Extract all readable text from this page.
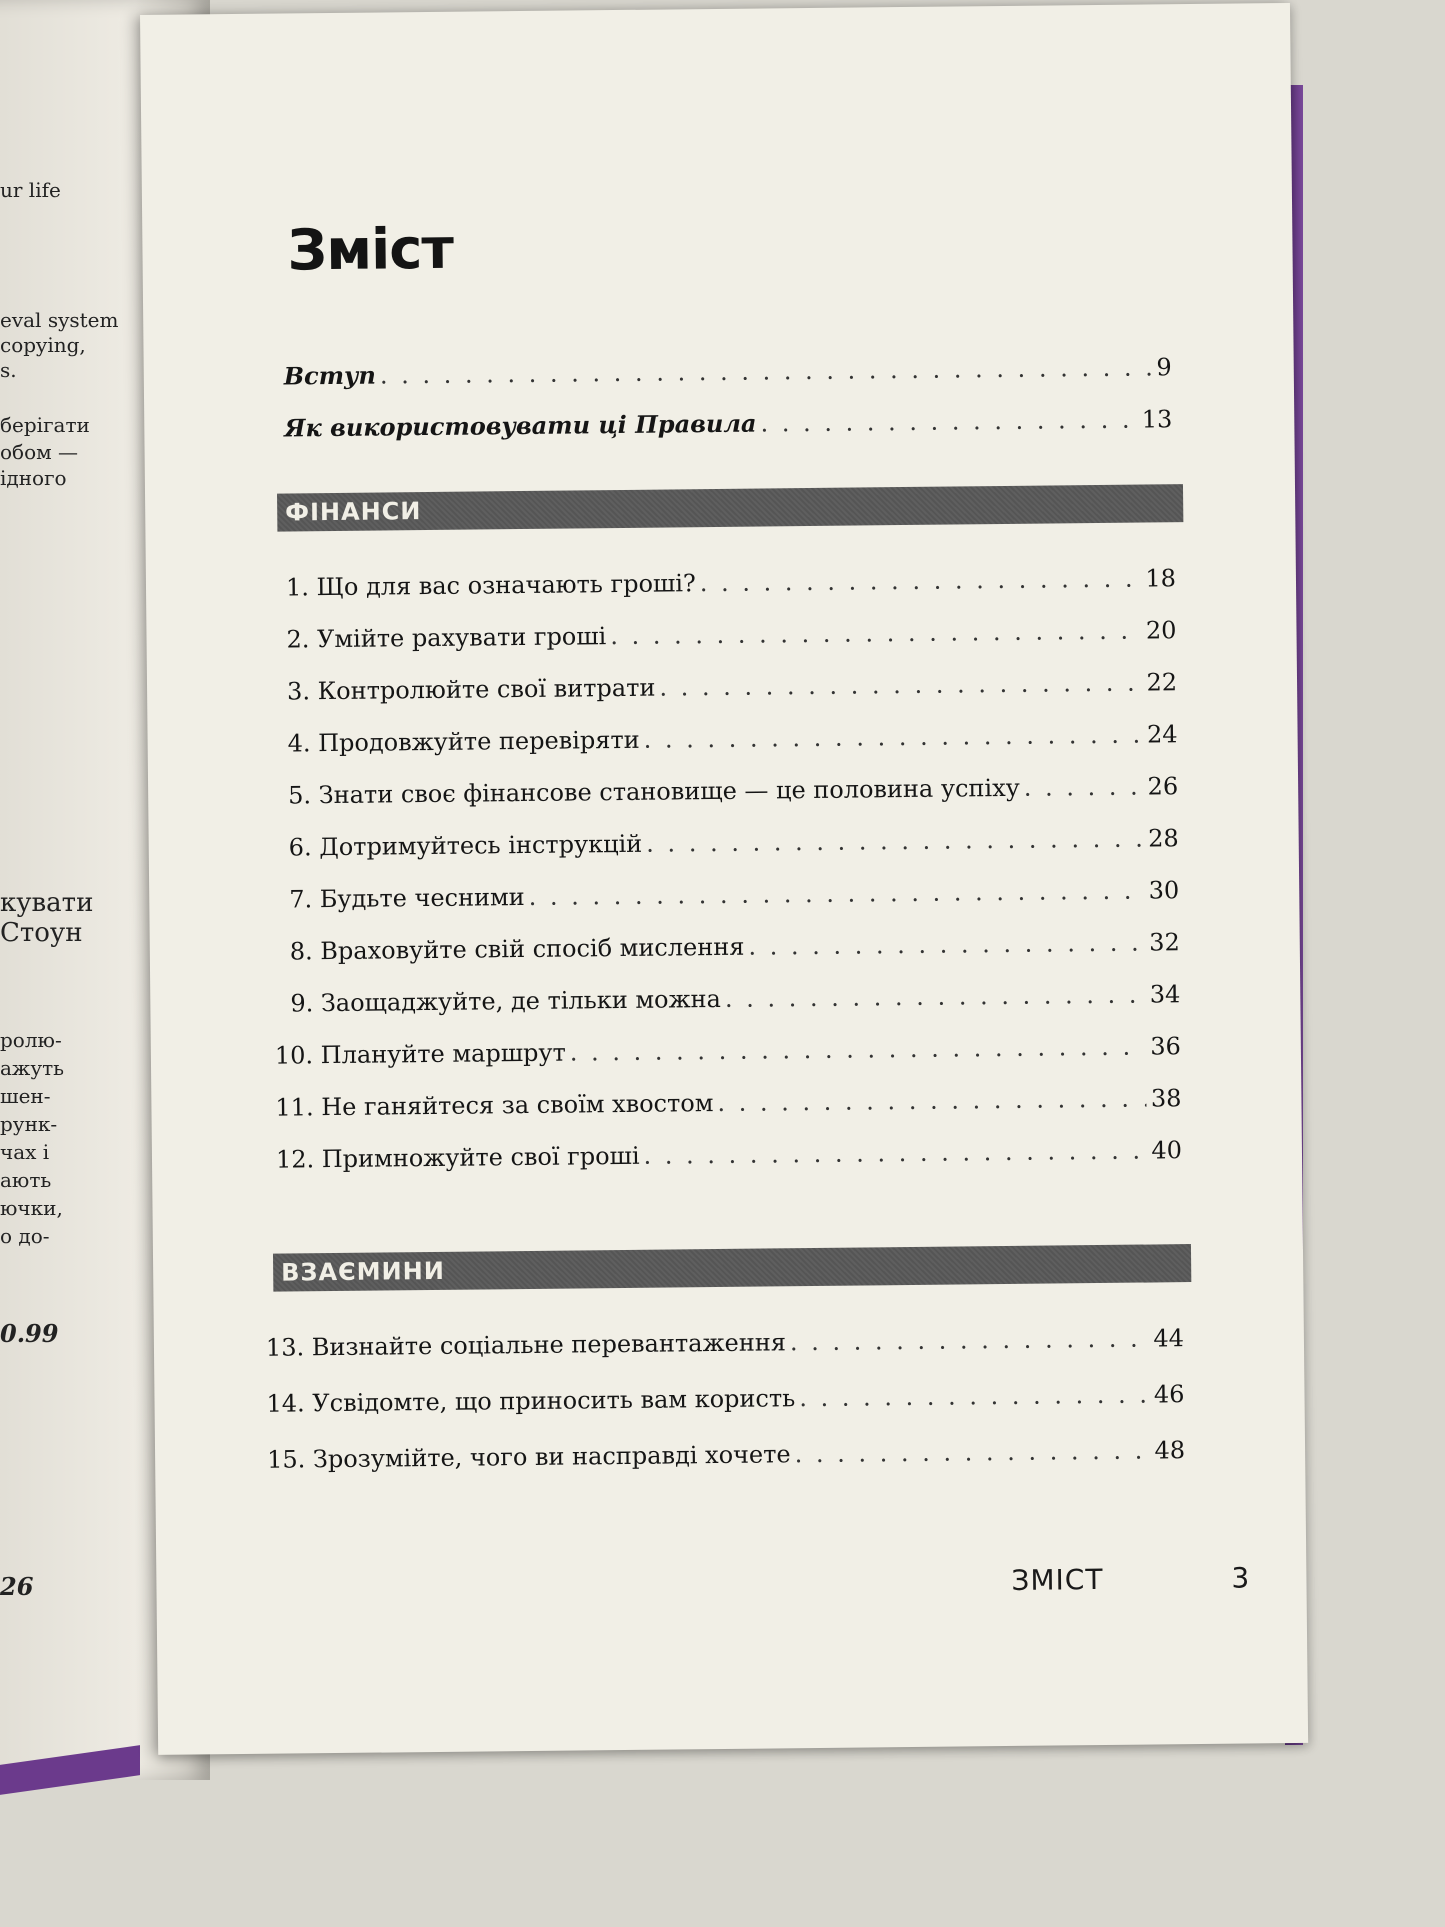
ur life
eval system
copying,
s.
берігати
обом —
ідного
кувати
Стоун
ролю-
ажуть
шен-
рунк-
чах і
ають
ючки,
о до-
0.99
26
Зміст
Вступ . . .	9
Як використовувати ці Правила . . .	13
ФІНАНСИ
1. Що для вас означають гроші? . . .	18
2. Умійте рахувати гроші . . .	20
3. Контролюйте свої витрати . . .	22
4. Продовжуйте перевіряти . . .	24
5. Знати своє фінансове становище — це половина успіху . . .	26
6. Дотримуйтесь інструкцій . . .	28
7. Будьте чесними . . .	30
8. Враховуйте свій спосіб мислення . . .	32
9. Заощаджуйте, де тільки можна . . .	34
10. Плануйте маршрут . . .	36
11. Не ганяйтеся за своїм хвостом . . .	38
12. Примножуйте свої гроші . . .	40
ВЗАЄМИНИ
13. Визнайте соціальне перевантаження . . .	44
14. Усвідомте, що приносить вам користь . . .	46
15. Зрозумійте, чого ви насправді хочете . . .	48
ЗМІСТ	3
